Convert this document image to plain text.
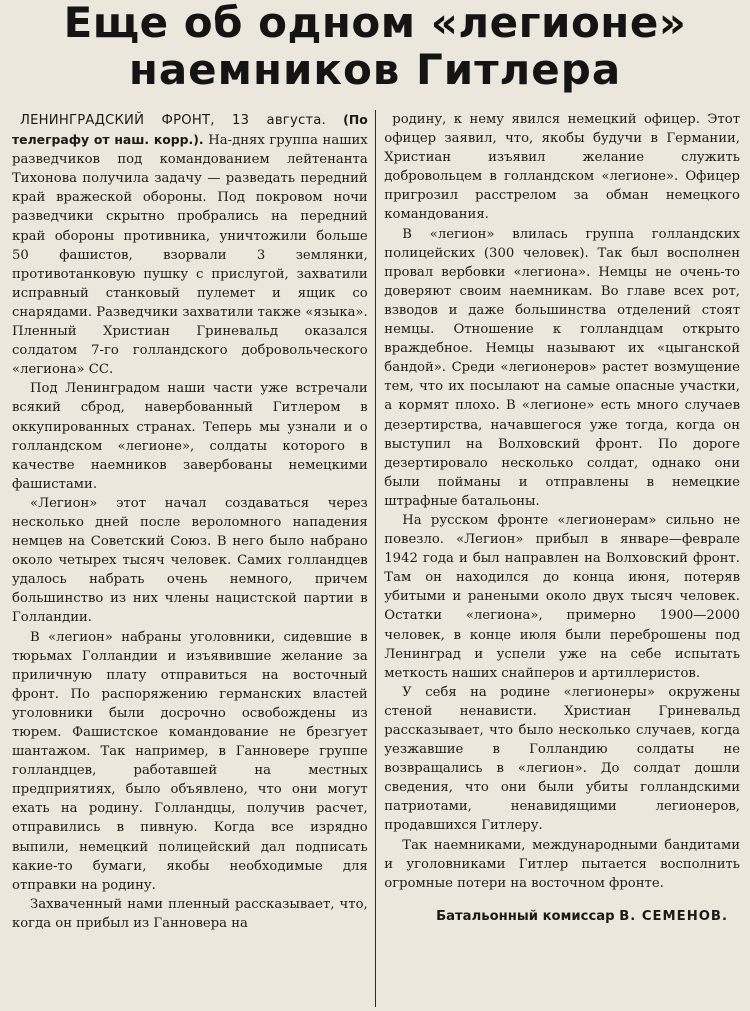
Еще об одном «легионе»
наемников Гитлера

ЛЕНИНГРАДСКИЙ ФРОНТ, 13 августа. (По телеграфу от наш. корр.). На-днях группа наших разведчиков под командованием лейтенанта Тихонова получила задачу — разведать передний край вражеской обороны. Под покровом ночи разведчики скрытно пробрались на передний край обороны противника, уничтожили больше 50 фашистов, взорвали 3 землянки, противотанковую пушку с прислугой, захватили исправный станковый пулемет и ящик со снарядами. Разведчики захватили также «языка». Пленный Христиан Гриневальд оказался солдатом 7-го голландского добровольческого «легиона» СС.

Под Ленинградом наши части уже встречали всякий сброд, навербованный Гитлером в оккупированных странах. Теперь мы узнали и о голландском «легионе», солдаты которого в качестве наемников завербованы немецкими фашистами.

«Легион» этот начал создаваться через несколько дней после вероломного нападения немцев на Советский Союз. В него было набрано около четырех тысяч человек. Самих голландцев удалось набрать очень немного, причем большинство из них члены нацистской партии в Голландии.

В «легион» набраны уголовники, сидевшие в тюрьмах Голландии и изъявившие желание за приличную плату отправиться на восточный фронт. По распоряжению германских властей уголовники были досрочно освобождены из тюрем. Фашистское командование не брезгует шантажом. Так например, в Ганновере группе голландцев, работавшей на местных предприятиях, было объявлено, что они могут ехать на родину. Голландцы, получив расчет, отправились в пивную. Когда все изрядно выпили, немецкий полицейский дал подписать какие-то бумаги, якобы необходимые для отправки на родину.

Захваченный нами пленный рассказывает, что, когда он прибыл из Ганновера на

родину, к нему явился немецкий офицер. Этот офицер заявил, что, якобы будучи в Германии, Христиан изъявил желание служить добровольцем в голландском «легионе». Офицер пригрозил расстрелом за обман немецкого командования.

В «легион» влилась группа голландских полицейских (300 человек). Так был восполнен провал вербовки «легиона». Немцы не очень-то доверяют своим наемникам. Во главе всех рот, взводов и даже большинства отделений стоят немцы. Отношение к голландцам открыто враждебное. Немцы называют их «цыганской бандой». Среди «легионеров» растет возмущение тем, что их посылают на самые опасные участки, а кормят плохо. В «легионе» есть много случаев дезертирства, начавшегося уже тогда, когда он выступил на Волховский фронт. По дороге дезертировало несколько солдат, однако они были пойманы и отправлены в немецкие штрафные батальоны.

На русском фронте «легионерам» сильно не повезло. «Легион» прибыл в январе—феврале 1942 года и был направлен на Волховский фронт. Там он находился до конца июня, потеряв убитыми и ранеными около двух тысяч человек. Остатки «легиона», примерно 1900—2000 человек, в конце июля были переброшены под Ленинград и успели уже на себе испытать меткость наших снайперов и артиллеристов.

У себя на родине «легионеры» окружены стеной ненависти. Христиан Гриневальд рассказывает, что было несколько случаев, когда уезжавшие в Голландию солдаты не возвращались в «легион». До солдат дошли сведения, что они были убиты голландскими патриотами, ненавидящими легионеров, продавшихся Гитлеру.

Так наемниками, международными бандитами и уголовниками Гитлер пытается восполнить огромные потери на восточном фронте.

Батальонный комиссар В. СЕМЕНОВ.
